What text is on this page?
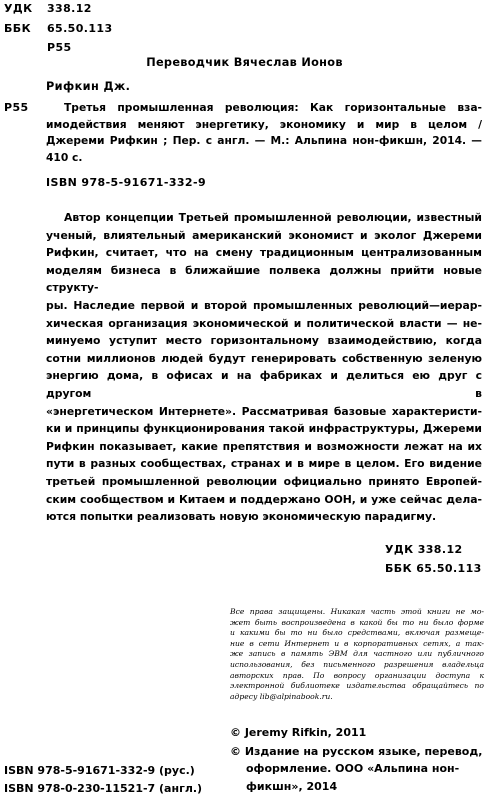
УДК 338.12
ББК 65.50.113
Р55
Переводчик Вячеслав Ионов
Рифкин Дж.
Р55	Третья промышленная революция: Как горизонтальные вза-
имодействия меняют энергетику, экономику и мир в целом /
Джереми Рифкин ; Пер. с англ. — М.: Альпина нон-фикшн, 2014. —
410 с.
ISBN 978-5-91671-332-9
Автор концепции Третьей промышленной революции, известный
ученый, влиятельный американский экономист и эколог Джереми
Рифкин, считает, что на смену традиционным централизованным
моделям бизнеса в ближайшие полвека должны прийти новые структу-
ры. Наследие первой и второй промышленных революций—иерар-
хическая организация экономической и политической власти — не-
минуемо уступит место горизонтальному взаимодействию, когда
сотни миллионов людей будут генерировать собственную зеленую
энергию дома, в офисах и на фабриках и делиться ею друг с другом в
«энергетическом Интернете». Рассматривая базовые характеристи-
ки и принципы функционирования такой инфраструктуры, Джереми
Рифкин показывает, какие препятствия и возможности лежат на их
пути в разных сообществах, странах и в мире в целом. Его видение
третьей промышленной революции официально принято Европей-
ским сообществом и Китаем и поддержано ООН, и уже сейчас дела-
ются попытки реализовать новую экономическую парадигму.
УДК 338.12
ББК 65.50.113
Все права защищены. Никакая часть этой книги не мо-
жет быть воспроизведена в какой бы то ни было форме
и какими бы то ни было средствами, включая размеще-
ние в сети Интернет и в корпоративных сетях, а так-
же запись в память ЭВМ для частного или публичного
использования, без письменного разрешения владельца
авторских прав. По вопросу организации доступа к
электронной библиотеке издательства обращайтесь по
адресу lib@alpinabook.ru.
© Jeremy Rifkin, 2011
© Издание на русском языке, перевод,
оформление. ООО «Альпина нон-
фикшн», 2014
ISBN 978-5-91671-332-9 (рус.)
ISBN 978-0-230-11521-7 (англ.)
